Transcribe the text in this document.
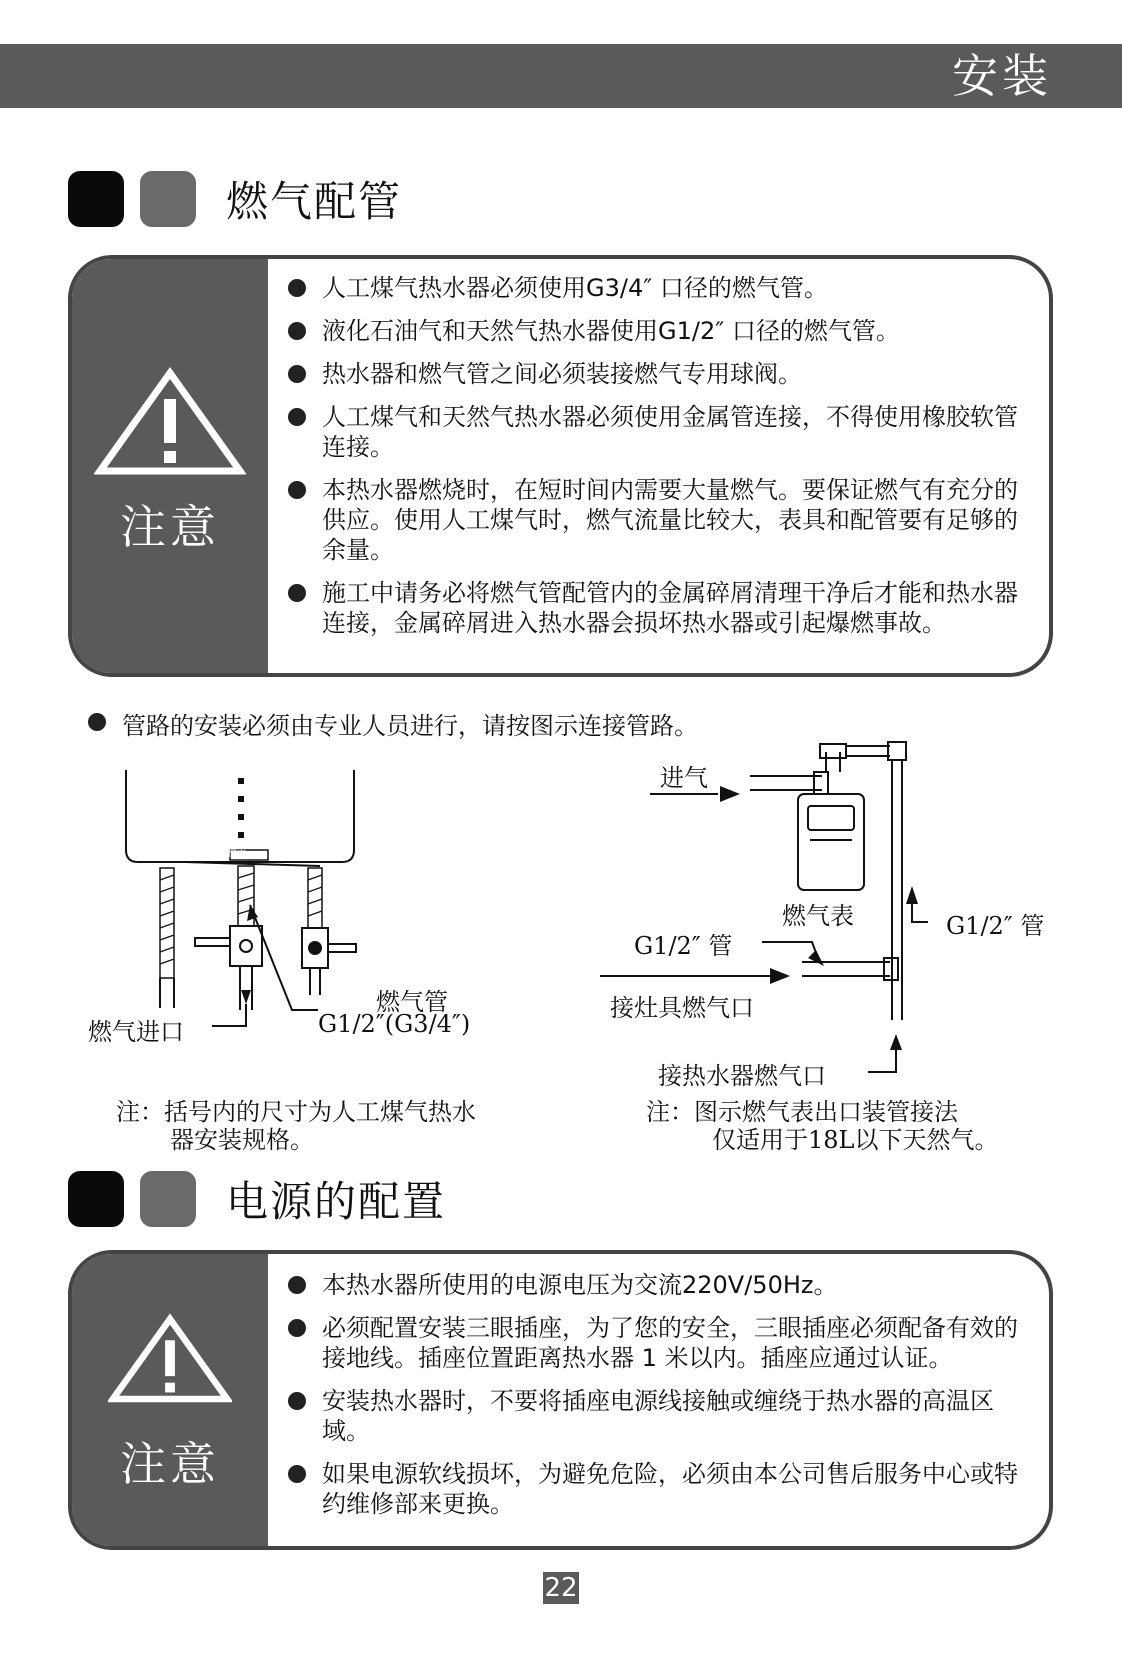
安装
燃气配管
注意
人工煤气热水器必须使用G3/4″ 口径的燃气管。
液化石油气和天然气热水器使用G1/2″ 口径的燃气管。
热水器和燃气管之间必须装接燃气专用球阀。
人工煤气和天然气热水器必须使用金属管连接，不得使用橡胶软管连接。
本热水器燃烧时，在短时间内需要大量燃气。要保证燃气有充分的供应。使用人工煤气时，燃气流量比较大，表具和配管要有足够的余量。
施工中请务必将燃气管配管内的金属碎屑清理干净后才能和热水器连接，金属碎屑进入热水器会损坏热水器或引起爆燃事故。
管路的安装必须由专业人员进行，请按图示连接管路。
燃气进口
燃气管
G1/2″(G3/4″)
樱雪
进气
燃气表	G1/2″ 管
G1/2″ 管
接灶具燃气口
接热水器燃气口
注：括号内的尺寸为人工煤气热水
器安装规格。
注：图示燃气表出口装管接法
仅适用于18L以下天然气。
电源的配置
注意
本热水器所使用的电源电压为交流220V/50Hz。
必须配置安装三眼插座，为了您的安全，三眼插座必须配备有效的接地线。插座位置距离热水器 1 米以内。插座应通过认证。
安装热水器时，不要将插座电源线接触或缠绕于热水器的高温区域。
如果电源软线损坏，为避免危险，必须由本公司售后服务中心或特约维修部来更换。
22
